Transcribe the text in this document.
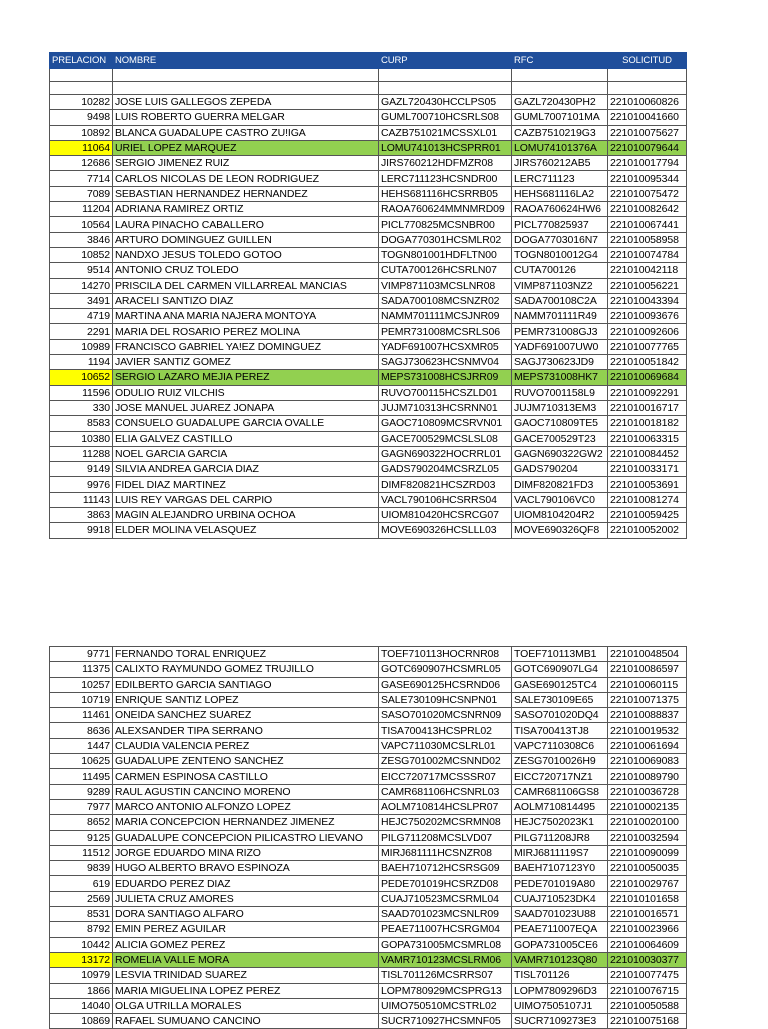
PRELACION	NOMBRE	CURP	RFC	SOLICITUD

10282	JOSE LUIS GALLEGOS ZEPEDA	GAZL720430HCCLPS05	GAZL720430PH2	221010060826
9498	LUIS ROBERTO GUERRA MELGAR	GUML700710HCSRLS08	GUML7007101MA	221010041660
10892	BLANCA GUADALUPE CASTRO ZU!IGA	CAZB751021MCSSXL01	CAZB7510219G3	221010075627
11064	URIEL LOPEZ MARQUEZ	LOMU741013HCSPRR01	LOMU74101376A	221010079644
12686	SERGIO JIMENEZ RUIZ	JIRS760212HDFMZR08	JIRS760212AB5	221010017794
7714	CARLOS NICOLAS DE LEON RODRIGUEZ	LERC711123HCSNDR00	LERC711123	221010095344
7089	SEBASTIAN HERNANDEZ HERNANDEZ	HEHS681116HCSRRB05	HEHS681116LA2	221010075472
11204	ADRIANA RAMIREZ ORTIZ	RAOA760624MMNMRD09	RAOA760624HW6	221010082642
10564	LAURA PINACHO CABALLERO	PICL770825MCSNBR00	PICL770825937	221010067441
3846	ARTURO DOMINGUEZ GUILLEN	DOGA770301HCSMLR02	DOGA7703016N7	221010058958
10852	NANDXO JESUS TOLEDO GOTOO	TOGN801001HDFLTN00	TOGN8010012G4	221010074784
9514	ANTONIO CRUZ TOLEDO	CUTA700126HCSRLN07	CUTA700126	221010042118
14270	PRISCILA DEL CARMEN VILLARREAL MANCIAS	VIMP871103MCSLNR08	VIMP871103NZ2	221010056221
3491	ARACELI SANTIZO DIAZ	SADA700108MCSNZR02	SADA700108C2A	221010043394
4719	MARTINA ANA MARIA NAJERA MONTOYA	NAMM701111MCSJNR09	NAMM701111R49	221010093676
2291	MARIA DEL ROSARIO PEREZ MOLINA	PEMR731008MCSRLS06	PEMR731008GJ3	221010092606
10989	FRANCISCO GABRIEL YA!EZ DOMINGUEZ	YADF691007HCSXMR05	YADF691007UW0	221010077765
1194	JAVIER SANTIZ GOMEZ	SAGJ730623HCSNMV04	SAGJ730623JD9	221010051842
10652	SERGIO LAZARO MEJIA PEREZ	MEPS731008HCSJRR09	MEPS731008HK7	221010069684
11596	ODULIO RUIZ VILCHIS	RUVO700115HCSZLD01	RUVO7001158L9	221010092291
330	JOSE MANUEL JUAREZ JONAPA	JUJM710313HCSRNN01	JUJM710313EM3	221010016717
8583	CONSUELO GUADALUPE GARCIA OVALLE	GAOC710809MCSRVN01	GAOC710809TE5	221010018182
10380	ELIA GALVEZ CASTILLO	GACE700529MCSLSL08	GACE700529T23	221010063315
11288	NOEL GARCIA GARCIA	GAGN690322HOCRRL01	GAGN690322GW2	221010084452
9149	SILVIA ANDREA GARCIA DIAZ	GADS790204MCSRZL05	GADS790204	221010033171
9976	FIDEL DIAZ MARTINEZ	DIMF820821HCSZRD03	DIMF820821FD3	221010053691
11143	LUIS REY VARGAS DEL CARPIO	VACL790106HCSRRS04	VACL790106VC0	221010081274
3863	MAGIN ALEJANDRO URBINA OCHOA	UIOM810420HCSRCG07	UIOM8104204R2	221010059425
9918	ELDER MOLINA VELASQUEZ	MOVE690326HCSLLL03	MOVE690326QF8	221010052002
9771	FERNANDO TORAL ENRIQUEZ	TOEF710113HOCRNR08	TOEF710113MB1	221010048504
11375	CALIXTO RAYMUNDO GOMEZ TRUJILLO	GOTC690907HCSMRL05	GOTC690907LG4	221010086597
10257	EDILBERTO GARCIA SANTIAGO	GASE690125HCSRND06	GASE690125TC4	221010060115
10719	ENRIQUE SANTIZ LOPEZ	SALE730109HCSNPN01	SALE730109E65	221010071375
11461	ONEIDA SANCHEZ SUAREZ	SASO701020MCSNRN09	SASO701020DQ4	221010088837
8636	ALEXSANDER TIPA SERRANO	TISA700413HCSPRL02	TISA700413TJ8	221010019532
1447	CLAUDIA VALENCIA PEREZ	VAPC711030MCSLRL01	VAPC7110308C6	221010061694
10625	GUADALUPE ZENTENO SANCHEZ	ZESG701002MCSNND02	ZESG7010026H9	221010069083
11495	CARMEN ESPINOSA CASTILLO	EICC720717MCSSSR07	EICC720717NZ1	221010089790
9289	RAUL AGUSTIN CANCINO MORENO	CAMR681106HCSNRL03	CAMR681106GS8	221010036728
7977	MARCO ANTONIO ALFONZO LOPEZ	AOLM710814HCSLPR07	AOLM710814495	221010002135
8652	MARIA CONCEPCION HERNANDEZ JIMENEZ	HEJC750202MCSRMN08	HEJC7502023K1	221010020100
9125	GUADALUPE CONCEPCION PILICASTRO LIEVANO	PILG711208MCSLVD07	PILG711208JR8	221010032594
11512	JORGE EDUARDO MINA RIZO	MIRJ681111HCSNZR08	MIRJ6811119S7	221010090099
9839	HUGO ALBERTO BRAVO ESPINOZA	BAEH710712HCSRSG09	BAEH7107123Y0	221010050035
619	EDUARDO PEREZ DIAZ	PEDE701019HCSRZD08	PEDE701019A80	221010029767
2569	JULIETA CRUZ AMORES	CUAJ710523MCSRML04	CUAJ710523DK4	221010101658
8531	DORA SANTIAGO ALFARO	SAAD701023MCSNLR09	SAAD701023U88	221010016571
8792	EMIN PEREZ AGUILAR	PEAE711007HCSRGM04	PEAE711007EQA	221010023966
10442	ALICIA GOMEZ PEREZ	GOPA731005MCSMRL08	GOPA731005CE6	221010064609
13172	ROMELIA VALLE MORA	VAMR710123MCSLRM06	VAMR710123Q80	221010030377
10979	LESVIA TRINIDAD SUAREZ	TISL701126MCSRRS07	TISL701126	221010077475
1866	MARIA MIGUELINA LOPEZ PEREZ	LOPM780929MCSPRG13	LOPM7809296D3	221010076715
14040	OLGA UTRILLA MORALES	UIMO750510MCSTRL02	UIMO7505107J1	221010050588
10869	RAFAEL SUMUANO CANCINO	SUCR710927HCSMNF05	SUCR7109273E3	221010075168
